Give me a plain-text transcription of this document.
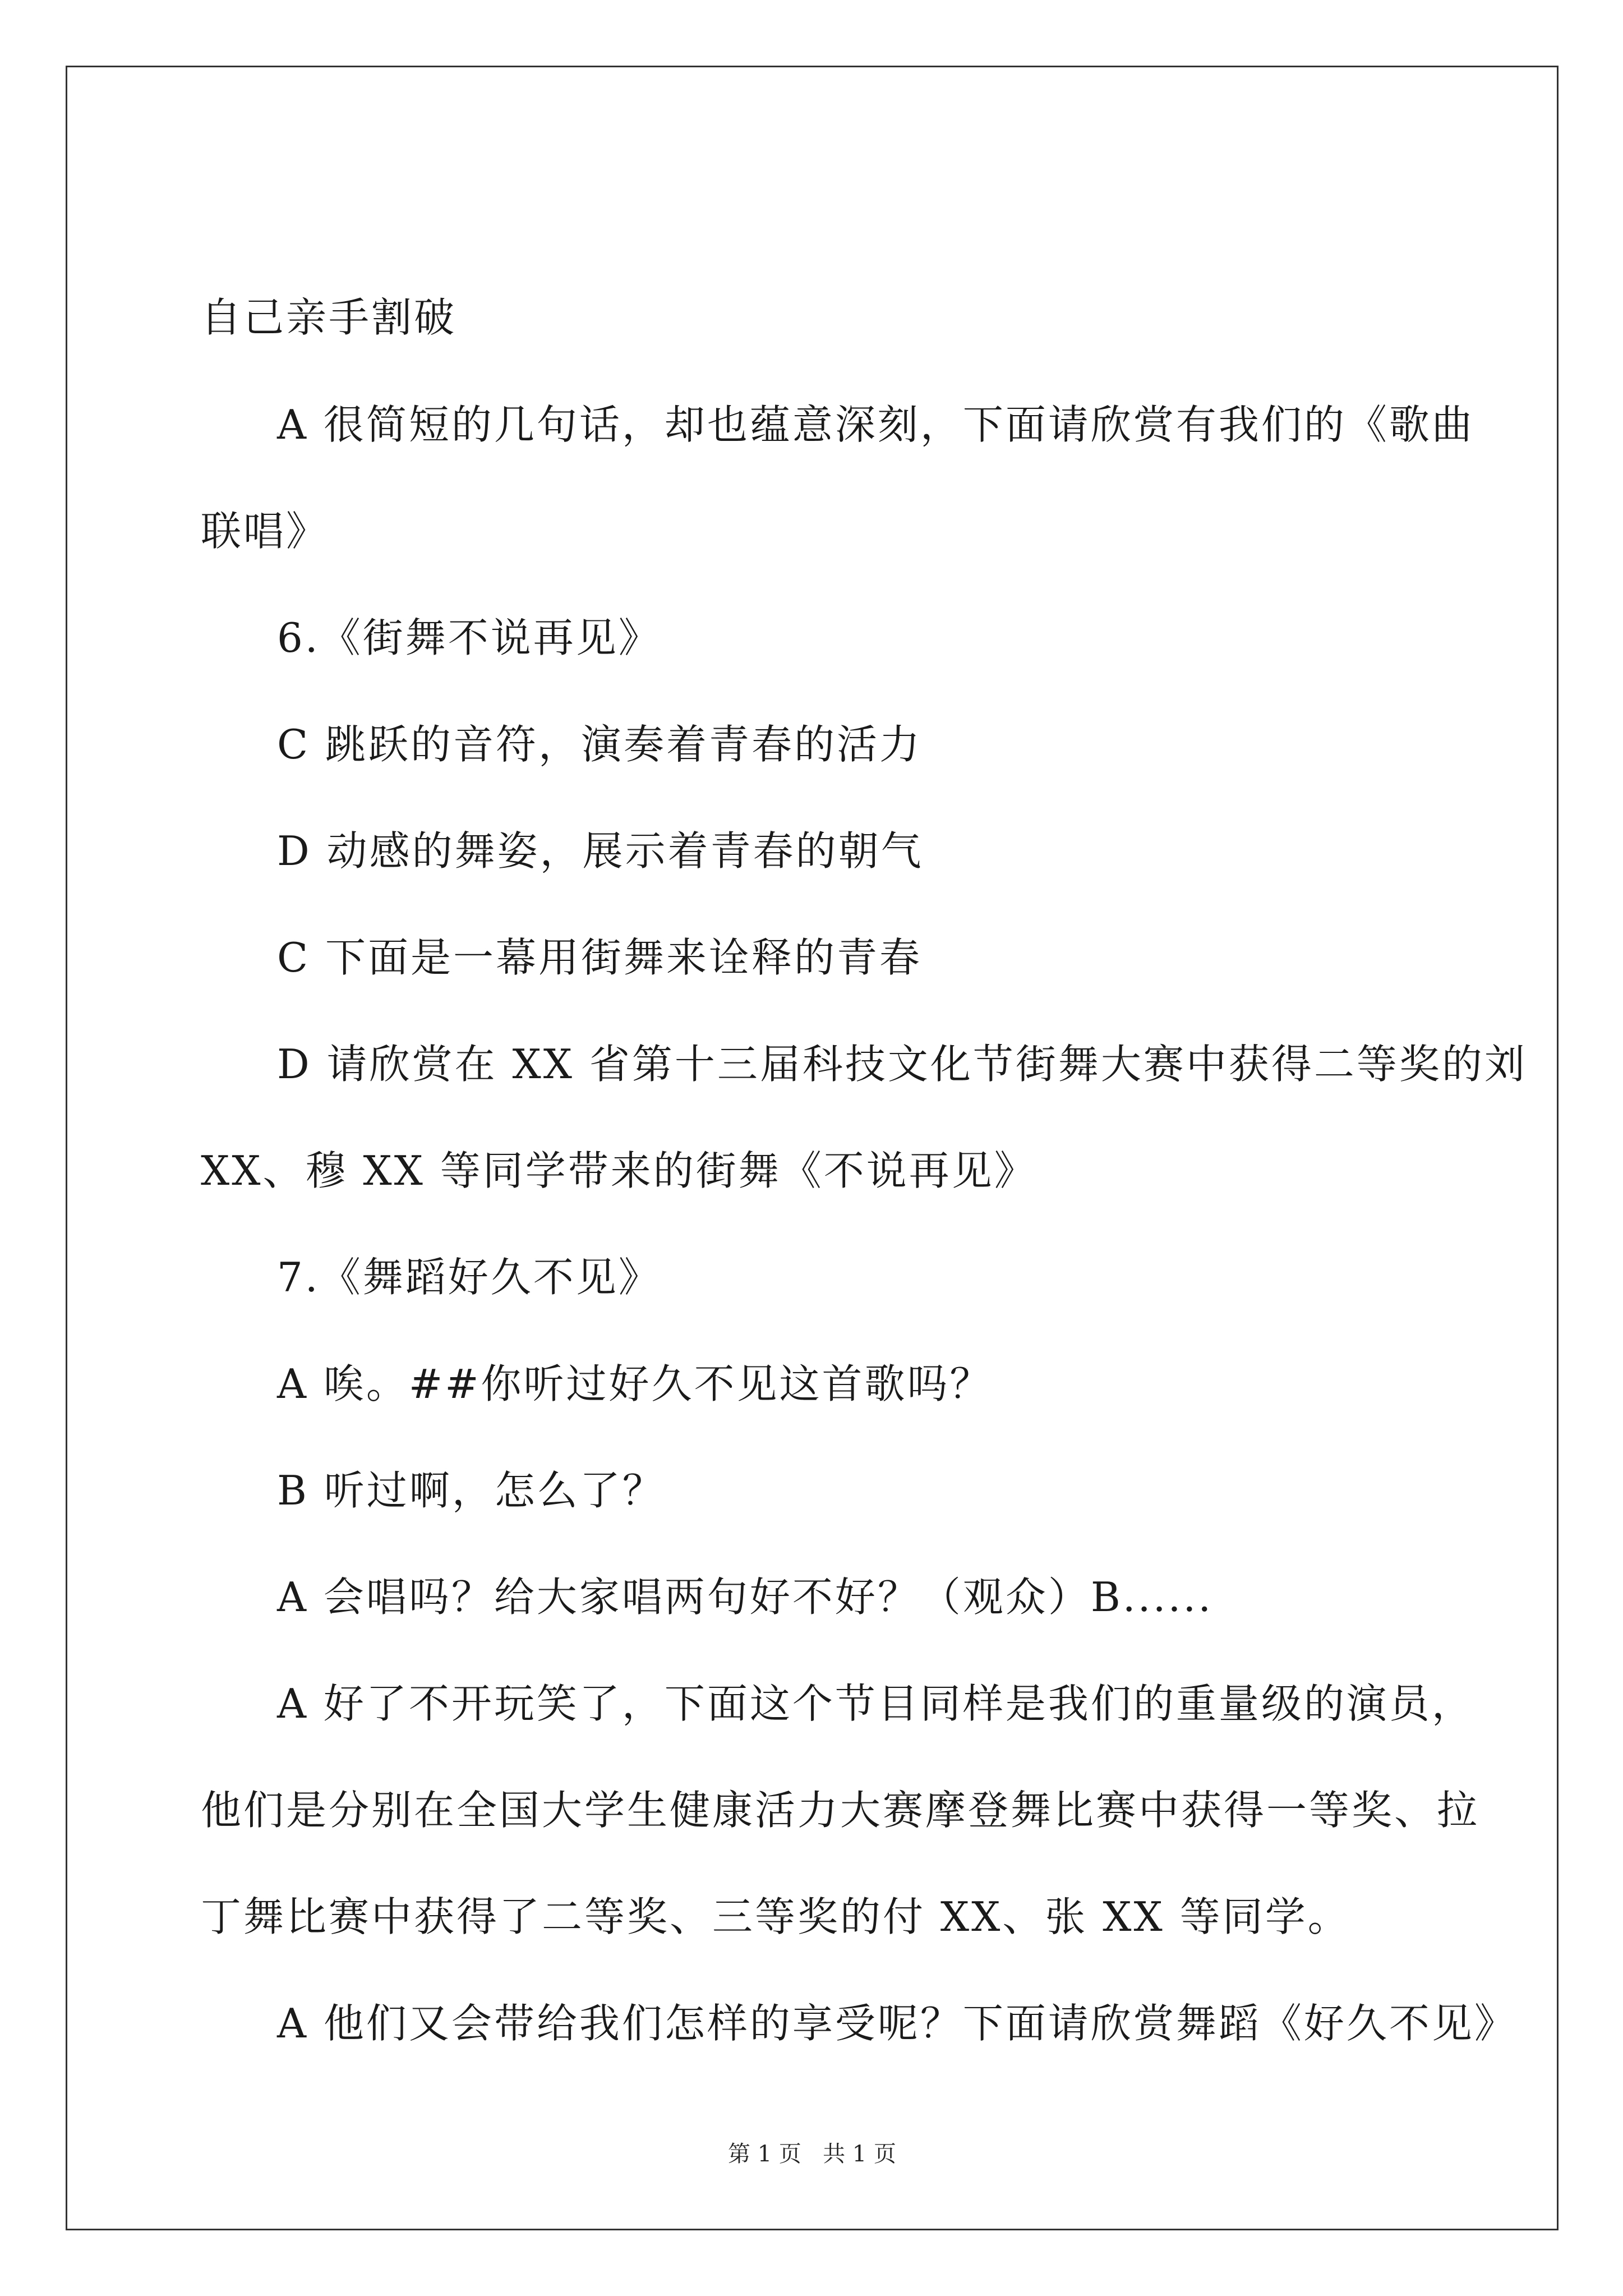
自己亲手割破
A 很简短的几句话，却也蕴意深刻，下面请欣赏有我们的《歌曲
联唱》
6.《街舞不说再见》
C 跳跃的音符，演奏着青春的活力
D 动感的舞姿，展示着青春的朝气
C 下面是一幕用街舞来诠释的青春
D 请欣赏在 XX 省第十三届科技文化节街舞大赛中获得二等奖的刘
XX、穆 XX 等同学带来的街舞《不说再见》
7.《舞蹈好久不见》
A 唉。##你听过好久不见这首歌吗？
B 听过啊，怎么了？
A 会唱吗？给大家唱两句好不好？（观众）B......
A 好了不开玩笑了，下面这个节目同样是我们的重量级的演员，
他们是分别在全国大学生健康活力大赛摩登舞比赛中获得一等奖、拉
丁舞比赛中获得了二等奖、三等奖的付 XX、张 XX 等同学。
A 他们又会带给我们怎样的享受呢？下面请欣赏舞蹈《好久不见》
第 1 页   共 1 页
